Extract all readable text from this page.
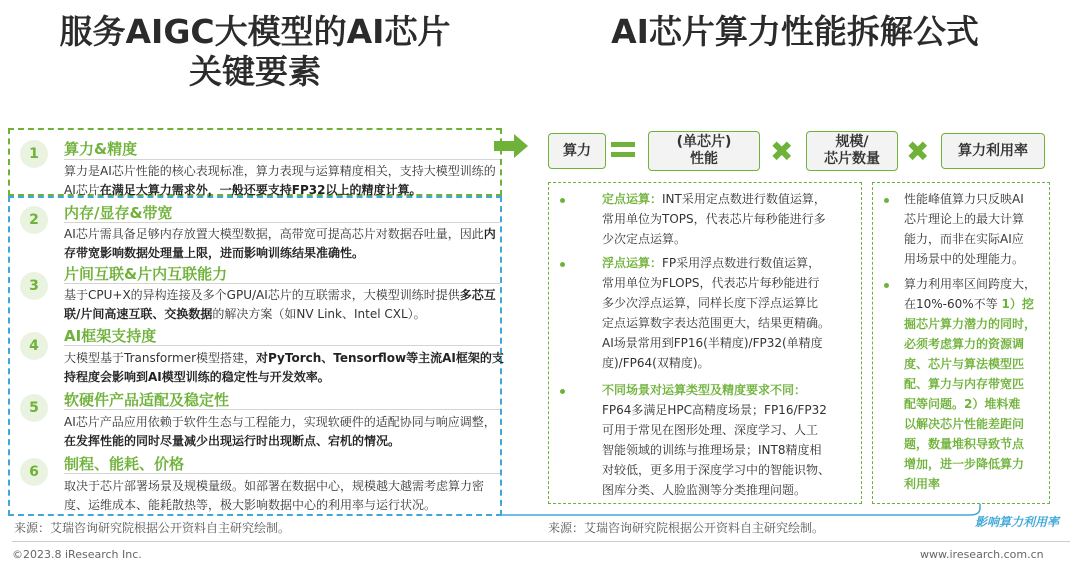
服务AIGC大模型的AI芯片
关键要素
AI芯片算力性能拆解公式
1	算力&精度
算力是AI芯片性能的核心表现标准，算力表现与运算精度相关，支持大模型训练的AI芯片在满足大算力需求外，一般还要支持FP32以上的精度计算。
2	内存/显存&带宽
AI芯片需具备足够内存放置大模型数据，高带宽可提高芯片对数据吞吐量，因此内存带宽影响数据处理量上限，进而影响训练结果准确性。
3
片间互联&片内互联能力
基于CPU+X的异构连接及多个GPU/AI芯片的互联需求，大模型训练时提供多芯互联/片间高速互联、交换数据的解决方案（如NV Link、Intel CXL）。
4
AI框架支持度
大模型基于Transformer模型搭建，对PyTorch、Tensorflow等主流AI框架的支持程度会影响到AI模型训练的稳定性与开发效率。
5	软硬件产品适配及稳定性
AI芯片产品应用依赖于软件生态与工程能力，实现软硬件的适配协同与响应调整，在发挥性能的同时尽量减少出现运行时出现断点、宕机的情况。
6	制程、能耗、价格
取决于芯片部署场景及规模量级。如部署在数据中心，规模越大越需考虑算力密度、运维成本、能耗散热等，极大影响数据中心的利用率与运行状况。
算力
(单芯片)
性能 ✖	规模/
芯片数量 ✖	算力利用率
定点运算：INT采用定点数进行数值运算，
常用单位为TOPS，代表芯片每秒能进行多
少次定点运算。
浮点运算：FP采用浮点数进行数值运算，
常用单位为FLOPS，代表芯片每秒能进行
多少次浮点运算，同样长度下浮点运算比
定点运算数字表达范围更大，结果更精确。
AI场景常用到FP16(半精度)/FP32(单精度
度)/FP64(双精度)。
不同场景对运算类型及精度要求不同：
FP64多满足HPC高精度场景；FP16/FP32
可用于常见在图形处理、深度学习、人工
智能领域的训练与推理场景；INT8精度相
对较低，更多用于深度学习中的智能识物、
图库分类、人脸监测等分类推理问题。
性能峰值算力只反映AI
芯片理论上的最大计算
能力，而非在实际AI应
用场景中的处理能力。
算力利用率区间跨度大，
在10%-60%不等 1）挖
掘芯片算力潜力的同时，
必须考虑算力的资源调
度、芯片与算法模型匹
配、算力与内存带宽匹
配等问题。2）堆料难
以解决芯片性能差距问
题，数量堆积导致节点
增加，进一步降低算力
利用率
影响算力利用率
来源：艾瑞咨询研究院根据公开资料自主研究绘制。	来源：艾瑞咨询研究院根据公开资料自主研究绘制。
©2023.8 iResearch Inc.	www.iresearch.com.cn
